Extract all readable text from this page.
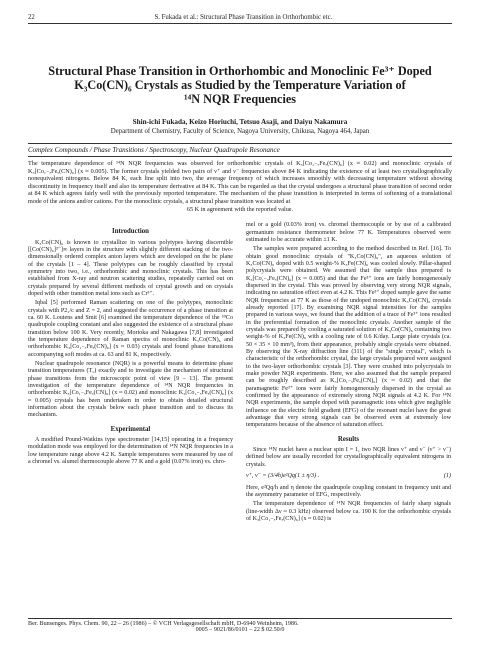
22	S. Fukada et al.: Structural Phase Transition in Orthorhombic etc.
Structural Phase Transition in Orthorhombic and Monoclinic Fe³⁺ Doped
K₃Co(CN)₆ Crystals as Studied by the Temperature Variation of
¹⁴N NQR Frequencies
Shin-ichi Fukada, Keizo Horiuchi, Tetsuo Asaji, and Daiyu Nakamura
Department of Chemistry, Faculty of Science, Nagoya University, Chikusa, Nagoya 464, Japan
Complex Compounds / Phase Transitions / Spectroscopy, Nuclear Quadrupole Resonance
The temperature dependence of ¹⁴N NQR frequencies was observed for orthorhombic crystals of K₃[Co₁₋ₓFeₓ(CN)₆] (x ≈ 0.02) and monoclinic crystals of K₃[Co₁₋ₓFeₓ(CN)₆] (x ≈ 0.005). The former crystals yielded two pairs of ν⁺ and ν⁻ frequencies above 84 K indicating the existence of at least two crystallographically nonequivalent nitrogens. Below 84 K, each line split into two, the average frequency of which increases smoothly with decreasing temperature without showing discontinuity in frequency itself and also its temperature derivative at 84 K. This can be regarded as that the crystal undergoes a structural phase transition of second order at 84 K which agrees fairly well with the previously reported temperature. The mechanism of the phase transition is interpreted in terms of softening of a translational mode of the anions and/or cations. For the monoclinic crystals, a structural phase transition was located at
65 K in agreement with the reported value.
Introduction

K₃Co(CN)₆ is known to crystallize in various polytypes having discernible [[Co(CN)₆]³⁻]∞ layers in the structure with slightly different stacking of the two-dimensionally ordered complex anion layers which are developed on the bc plane of the crystals [1 – 4]. These polytypes can be roughly classified by crystal symmetry into two, i.e., orthorhombic and monoclinic crystals. This has been established from X-ray and neutron scattering studies, repeatedly carried out on crystals prepared by several different methods of crystal growth and on crystals doped with other transition metal ions such as Cr³⁺.

Iqbal [5] performed Raman scattering on one of the polytypes, monoclinic crystals with P2₁/c and Z = 2, and suggested the occurrence of a phase transition at ca. 60 K. Loutens and Smit [6] examined the temperature dependence of the ⁵⁹Co quadrupole coupling constant and also suggested the existence of a structural phase transition below 100 K. Very recently, Morioka and Nakagawa [7,8] investigated the temperature dependence of Raman spectra of monoclinic K₃Co(CN)₆ and orthorhombic K₃[Co₁₋ₓFeₓ(CN)₆] (x ≈ 0.03) crystals and found phase transitions accompanying soft modes at ca. 63 and 81 K, respectively.

Nuclear quadrupole resonance (NQR) is a powerful means to determine phase transition temperatures (T꜀) exactly and to investigate the mechanism of structural phase transitions from the microscopic point of view [9 – 13]. The present investigation of the temperature dependence of ¹⁴N NQR frequencies in orthorhombic K₃[Co₁₋ₓFeₓ(CN)₆] (x ≈ 0.02) and monoclinic K₃[Co₁₋ₓFeₓ(CN)₆] (x ≈ 0.005) crystals has been undertaken in order to obtain detailed structural information about the crystals below each phase transition and to discuss its mechanism.

Experimental

A modified Pound-Watkins type spectrometer [14,15] operating in a frequency modulation mode was employed for the determination of ¹⁴N NQR frequencies in a low temperature range above 4.2 K. Sample temperatures were measured by use of a chromel vs. alumel thermocouple above 77 K and a gold (0.07% iron) vs. chro-

mel or a gold (0.03% iron) vs. chromel thermocouple or by use of a calibrated germanium resistance thermometer below 77 K. Temperatures observed were estimated to be accurate within ±1 K.

The samples were prepared according to the method described in Ref. [16]. To obtain good monoclinic crystals of "K₃Co(CN)₆", an aqueous solution of K₃Co(CN)₆ doped with 0.5 weight-% K₃Fe(CN)₆ was cooled slowly. Pillar-shaped polycrystals were obtained. We assumed that the sample thus prepared is K₃[Co₁₋ₓFeₓ(CN)₆] (x ≈ 0.005) and that the Fe³⁺ ions are fairly homogeneously dispersed in the crystal. This was proved by observing very strong NQR signals, indicating no saturation effect even at 4.2 K. This Fe³⁺ doped sample gave the same NQR frequencies at 77 K as those of the undoped monoclinic K₃Co(CN)₆ crystals already reported [17]. By examining NQR signal intensities for the samples prepared in various ways, we found that the addition of a trace of Fe³⁺ ions resulted in the preferential formation of the monoclinic crystals. Another sample of the crystals was prepared by cooling a saturated solution of K₃Co(CN)₆ containing two weight-% of K₃Fe(CN)₆ with a cooling rate of 0.6 K/day. Large plate crystals (ca. 50 × 35 × 10 mm³), from their appearance, probably single crystals were obtained. By observing the X-ray diffraction line (311) of the "single crystal", which is characteristic of the orthorhombic crystal, the large crystals prepared were assigned to the two-layer orthorhombic crystals [3]. They were crushed into polycrystals to make powder NQR experiments. Here, we also assumed that the sample prepared can be roughly described as K₃[Co₁₋ₓFeₓ(CN)₆] (x ≈ 0.02) and that the paramagnetic Fe³⁺ ions were fairly homogeneously dispersed in the crystal as confirmed by the appearance of extremely strong NQR signals at 4.2 K. For ¹⁴N NQR experiments, the sample doped with paramagnetic ions which give negligible influence on the electric field gradient (EFG) of the resonant nuclei have the great advantage that very strong signals can be observed even at extremely low temperatures because of the absence of saturation effect.

Results

Since ¹⁴N nuclei have a nuclear spin I = 1, two NQR lines ν⁺ and ν⁻ (ν⁺ > ν⁻) defined below are usually recorded for crystallographically equivalent nitrogens in crystals.

ν⁺, ν⁻ = (3/4h)e²Qq(1 ± η/3) .	(1)

Here, e²Qq/h and η denote the quadrupole coupling constant in frequency unit and the asymmetry parameter of EFG, respectively.

The temperature dependence of ¹⁴N NQR frequencies of fairly sharp signals (line-width Δν ≈ 0.3 kHz) observed below ca. 190 K for the orthorhombic crystals of K₃[Co₁₋ₓFeₓ(CN)₆] (x ≈ 0.02) is

Ber. Bunsenges. Phys. Chem. 90, 22 – 26 (1986) – © VCH Verlagsgesellschaft mbH, D-6940 Weinheim, 1986.
0005 – 9021/86/0101 – 22 $ 02.50/0
